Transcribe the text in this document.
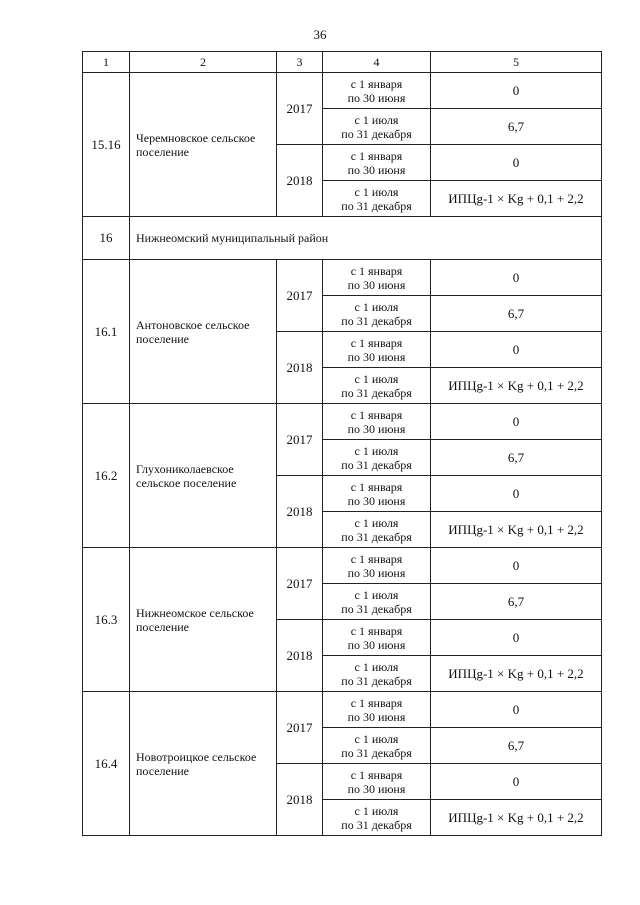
36
1	2	3	4	5
15.16	Черемновское сельское поселение	2017	с 1 января
по 30 июня	0

			с 1 июля
по 31 декабря	6,7
		2018	с 1 января
по 30 июня	0

			с 1 июля
по 31 декабря	ИПЦg-1 × Kg + 0,1 + 2,2
16	Нижнеомский муниципальный район			
16.1	Антоновское сельское поселение	2017	с 1 января
по 30 июня	0

			с 1 июля
по 31 декабря	6,7
		2018	с 1 января
по 30 июня	0

			с 1 июля
по 31 декабря	ИПЦg-1 × Kg + 0,1 + 2,2
16.2	Глухониколаевское сельское поселение	2017	с 1 января
по 30 июня	0

			с 1 июля
по 31 декабря	6,7
		2018	с 1 января
по 30 июня	0

			с 1 июля
по 31 декабря	ИПЦg-1 × Kg + 0,1 + 2,2
16.3	Нижнеомское сельское поселение	2017	с 1 января
по 30 июня	0

			с 1 июля
по 31 декабря	6,7
		2018	с 1 января
по 30 июня	0

			с 1 июля
по 31 декабря	ИПЦg-1 × Kg + 0,1 + 2,2
16.4	Новотроицкое сельское поселение	2017	с 1 января
по 30 июня	0

			с 1 июля
по 31 декабря	6,7
		2018	с 1 января
по 30 июня	0

			с 1 июля
по 31 декабря	ИПЦg-1 × Kg + 0,1 + 2,2
